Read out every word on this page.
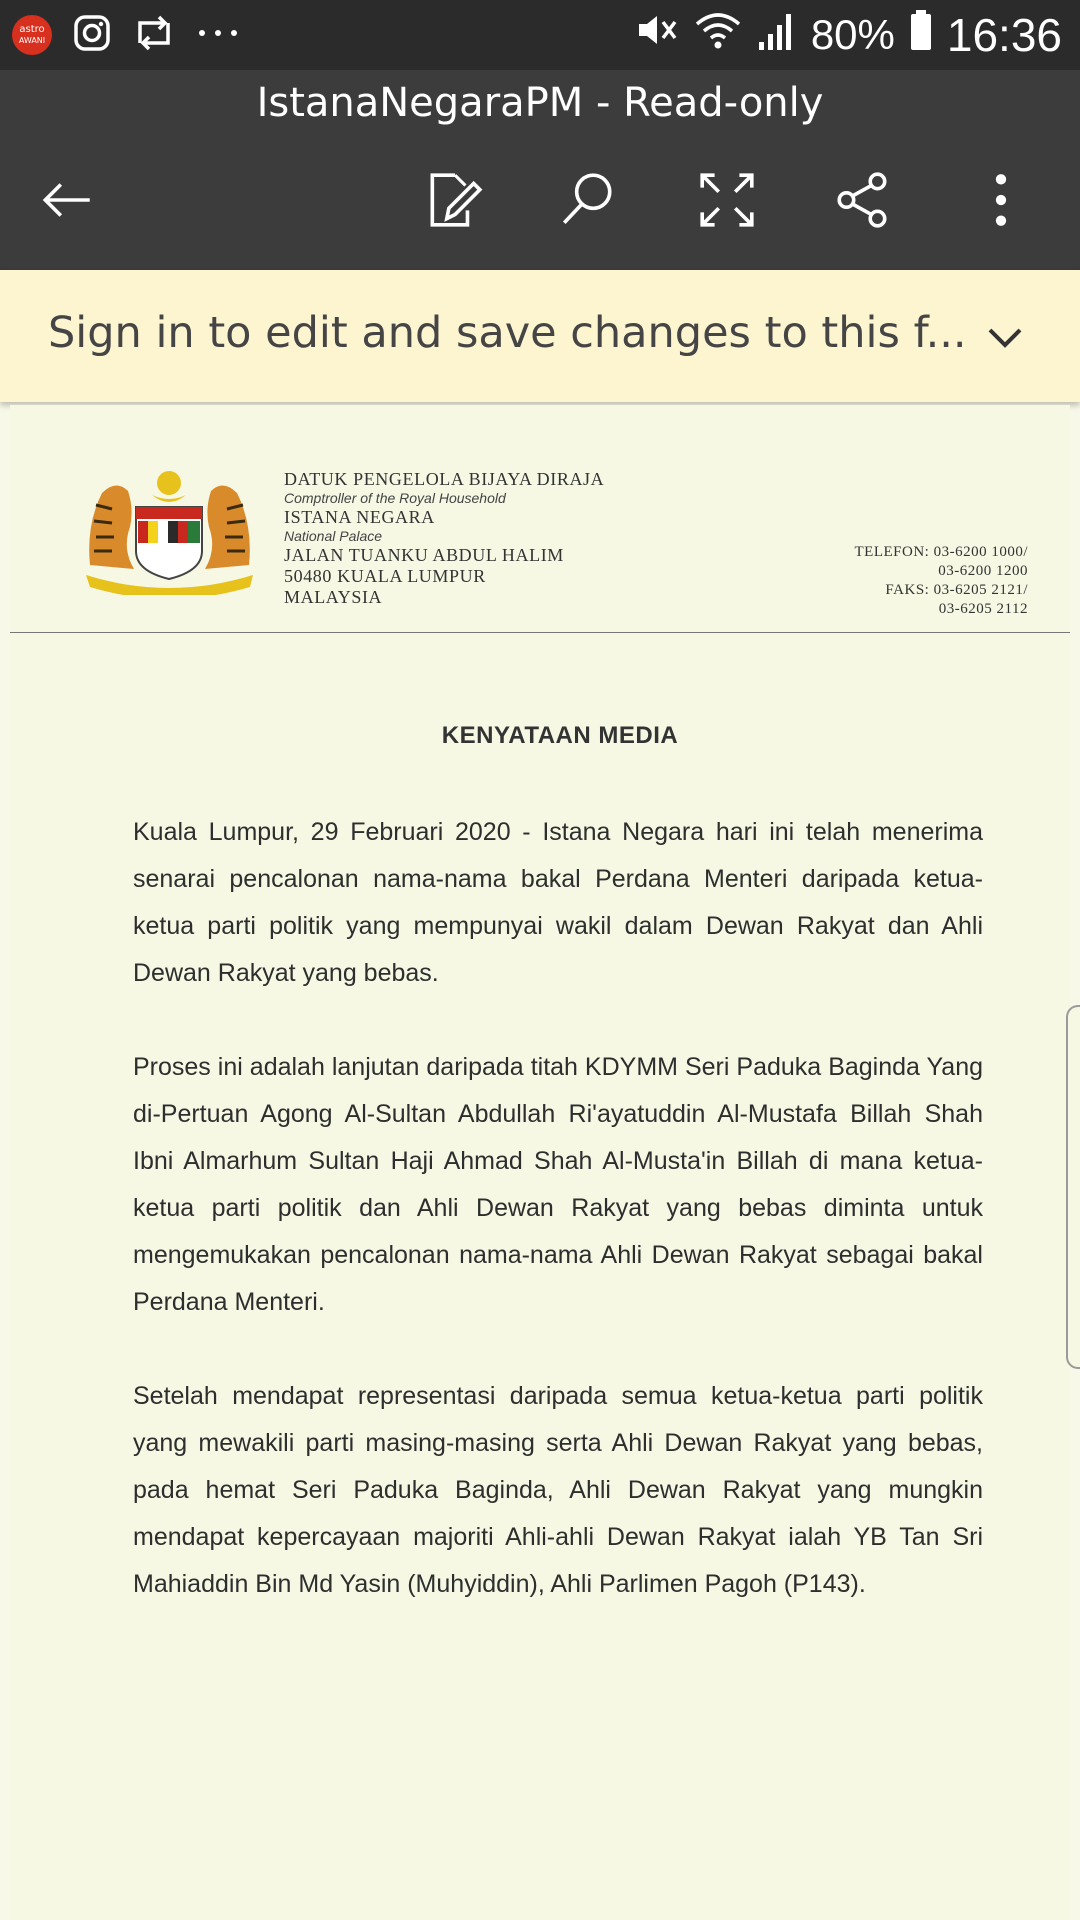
astro
AWANI	80% 16:36
IstanaNegaraPM - Read-only
Sign in to edit and save changes to this f...
DATUK PENGELOLA BIJAYA DIRAJA
Comptroller of the Royal Household
ISTANA NEGARA
National Palace
JALAN TUANKU ABDUL HALIM
50480 KUALA LUMPUR
MALAYSIA
TELEFON: 03-6200 1000/
03-6200 1200
FAKS: 03-6205 2121/
03-6205 2112
KENYATAAN MEDIA
Kuala Lumpur, 29 Februari 2020 - Istana Negara hari ini telah menerima senarai pencalonan nama-nama bakal Perdana Menteri daripada ketua-ketua parti politik yang mempunyai wakil dalam Dewan Rakyat dan Ahli Dewan Rakyat yang bebas.
Proses ini adalah lanjutan daripada titah KDYMM Seri Paduka Baginda Yang di-Pertuan Agong Al-Sultan Abdullah Ri'ayatuddin Al-Mustafa Billah Shah Ibni Almarhum Sultan Haji Ahmad Shah Al-Musta'in Billah di mana ketua-ketua parti politik dan Ahli Dewan Rakyat yang bebas diminta untuk mengemukakan pencalonan nama-nama Ahli Dewan Rakyat sebagai bakal Perdana Menteri.
Setelah mendapat representasi daripada semua ketua-ketua parti politik yang mewakili parti masing-masing serta Ahli Dewan Rakyat yang bebas, pada hemat Seri Paduka Baginda, Ahli Dewan Rakyat yang mungkin mendapat kepercayaan majoriti Ahli-ahli Dewan Rakyat ialah YB Tan Sri Mahiaddin Bin Md Yasin (Muhyiddin), Ahli Parlimen Pagoh (P143).
